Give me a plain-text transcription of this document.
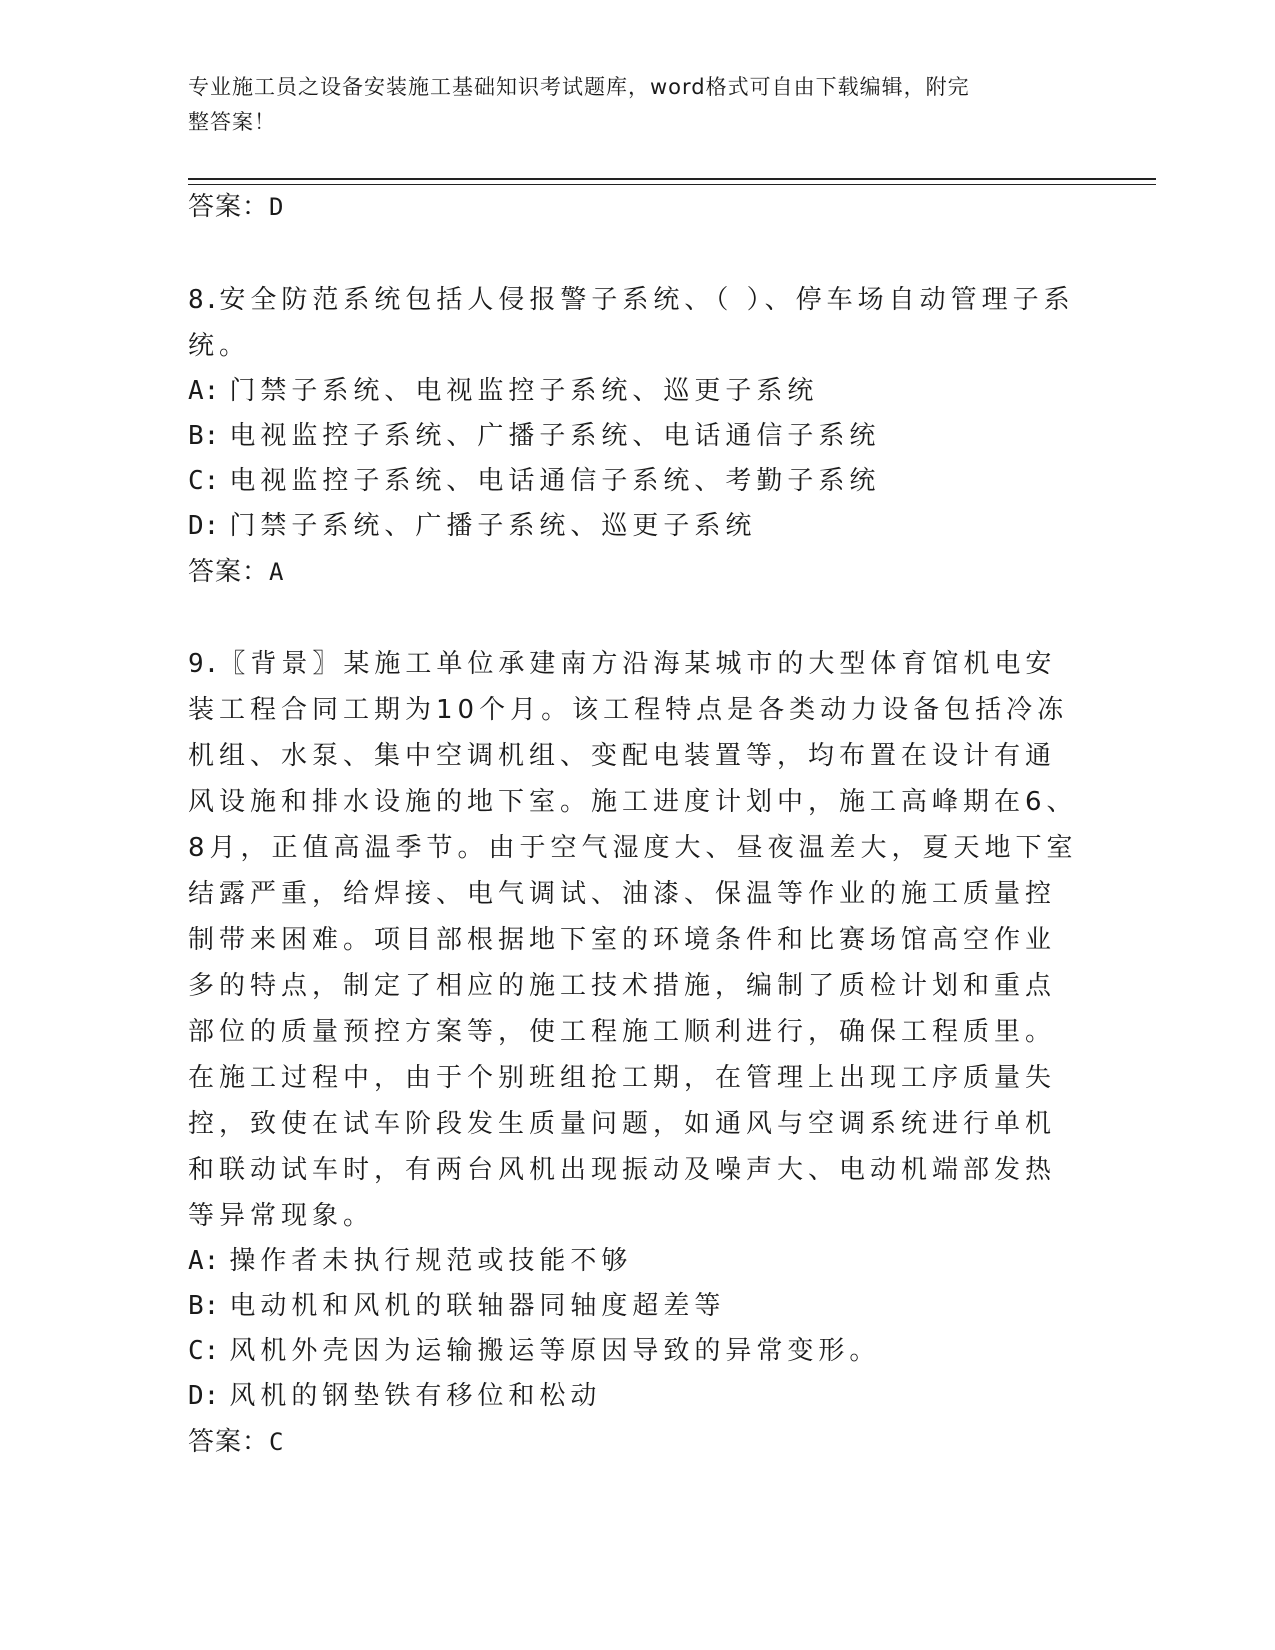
专业施工员之设备安装施工基础知识考试题库，word格式可自由下载编辑，附完
整答案！

答案：D

8.安全防范系统包括人侵报警子系统、（ ）、停车场自动管理子系统。

A: 门禁子系统、电视监控子系统、巡更子系统

B: 电视监控子系统、广播子系统、电话通信子系统

C: 电视监控子系统、电话通信子系统、考勤子系统

D: 门禁子系统、广播子系统、巡更子系统

答案：A

9.〖背景〗某施工单位承建南方沿海某城市的大型体育馆机电安装工程合同工期为10个月。该工程特点是各类动力设备包括冷冻机组、水泵、集中空调机组、变配电装置等，均布置在设计有通风设施和排水设施的地下室。施工进度计划中，施工高峰期在6、8月，正值高温季节。由于空气湿度大、昼夜温差大，夏天地下室结露严重，给焊接、电气调试、油漆、保温等作业的施工质量控制带来困难。项目部根据地下室的环境条件和比赛场馆高空作业多的特点，制定了相应的施工技术措施，编制了质检计划和重点部位的质量预控方案等，使工程施工顺利进行，确保工程质里。在施工过程中，由于个别班组抢工期，在管理上出现工序质量失控，致使在试车阶段发生质量问题，如通风与空调系统进行单机和联动试车时，有两台风机出现振动及噪声大、电动机端部发热等异常现象。

A: 操作者未执行规范或技能不够

B: 电动机和风机的联轴器同轴度超差等

C: 风机外壳因为运输搬运等原因导致的异常变形。

D: 风机的钢垫铁有移位和松动

答案：C
